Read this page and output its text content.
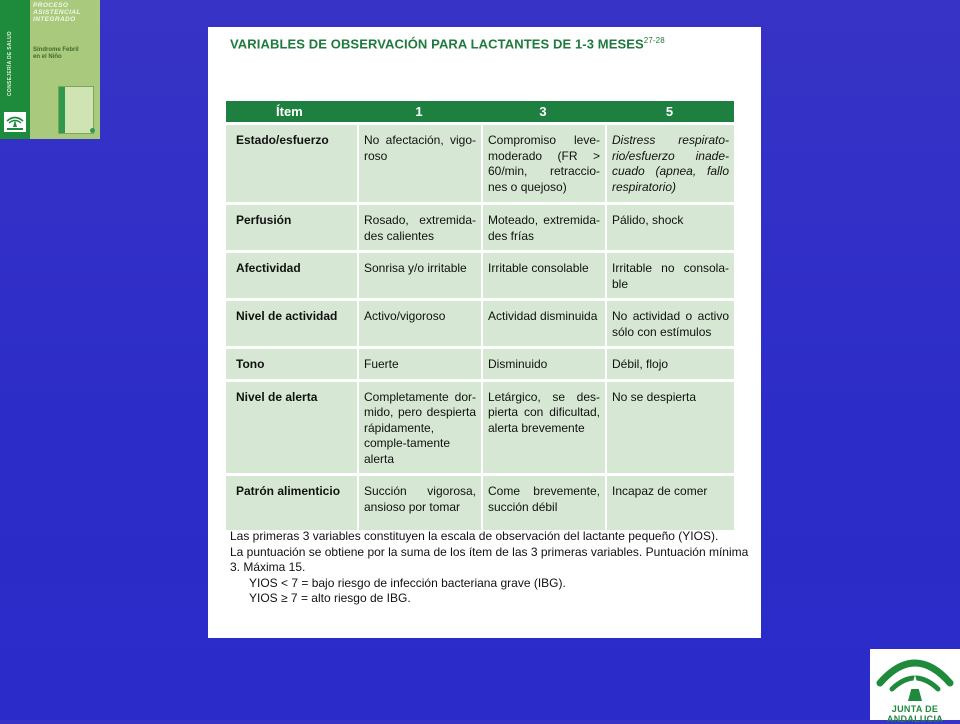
CONSEJERÍA DE SALUD
PROCESO
ASISTENCIAL
INTEGRADO
Síndrome Febril
en el Niño
VARIABLES DE OBSERVACIÓN PARA LACTANTES DE 1-3 MESES$^{27-28}$
Ítem	1	3	5
Estado/esfuerzo	No afectación, vigo-roso	Compromiso leve-moderado (FR > 60/min, retraccio-nes o quejoso)	Distress respirato-rio/esfuerzo inade-cuado (apnea, fallo respiratorio)
Perfusión	Rosado, extremida-des calientes	Moteado, extremida-des frías	Pálido, shock
Afectividad	Sonrisa y/o irritable	Irritable consolable	Irritable no consola-ble
Nivel de actividad	Activo/vigoroso	Actividad disminuida	No actividad o activo sólo con estímulos
Tono	Fuerte	Disminuido	Débil, flojo
Nivel de alerta	Completamente dor-mido, pero despierta rápidamente, comple-tamente alerta	Letárgico, se des-pierta con dificultad, alerta brevemente	No se despierta
Patrón alimenticio	Succión vigorosa, ansioso por tomar	Come brevemente, succión débil	Incapaz de comer

Las primeras 3 variables constituyen la escala de observación del lactante pequeño (YIOS).

La puntuación se obtiene por la suma de los ítem de las 3 primeras variables. Puntuación mínima 3. Máxima 15.

YIOS < 7 = bajo riesgo de infección bacteriana grave (IBG).

YIOS ≥ 7 = alto riesgo de IBG.

JUNTA DE ANDALUCIA
